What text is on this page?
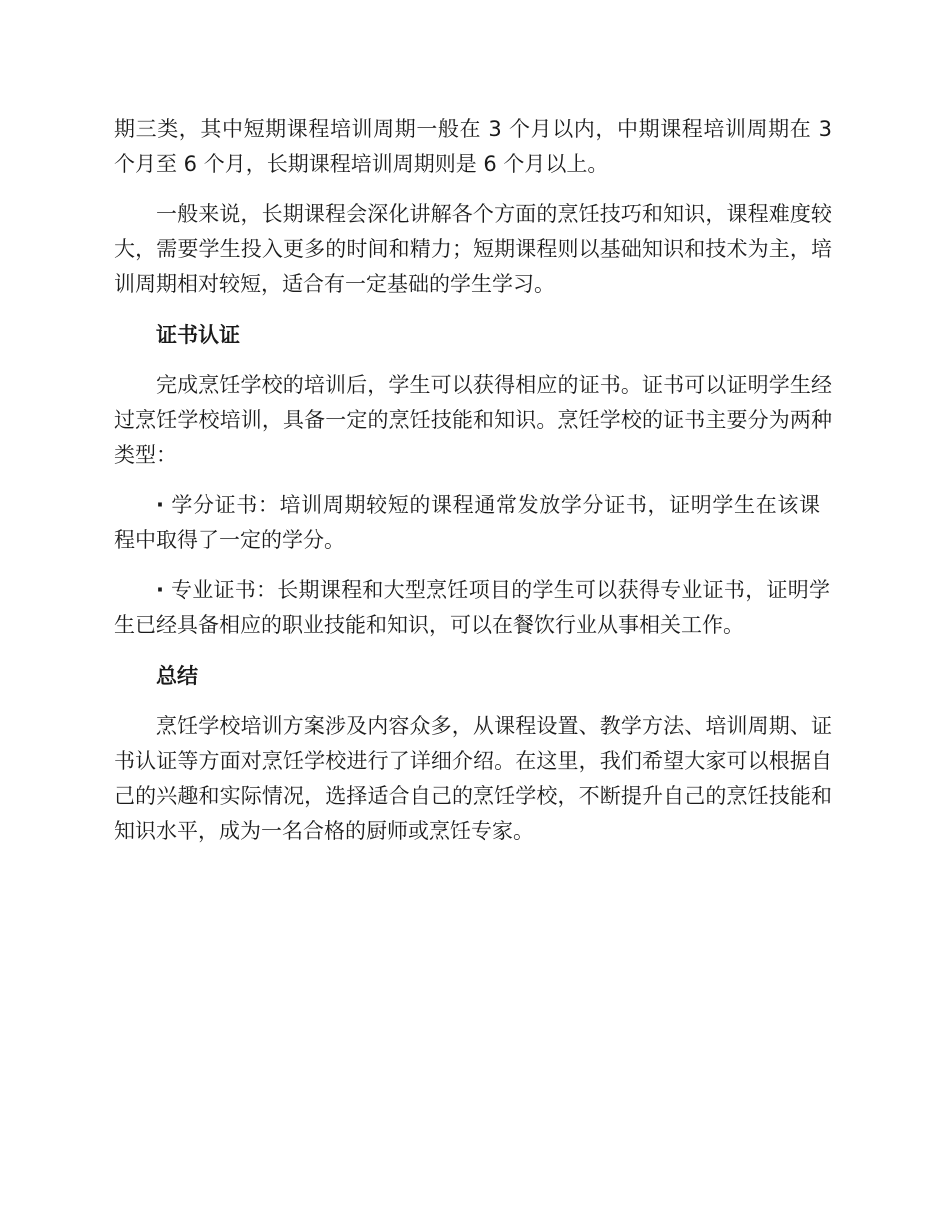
期三类，其中短期课程培训周期一般在 3 个月以内，中期课程培训周期在 3 个月至 6 个月，长期课程培训周期则是 6 个月以上。

一般来说，长期课程会深化讲解各个方面的烹饪技巧和知识，课程难度较大，需要学生投入更多的时间和精力；短期课程则以基础知识和技术为主，培训周期相对较短，适合有一定基础的学生学习。

证书认证

完成烹饪学校的培训后，学生可以获得相应的证书。证书可以证明学生经过烹饪学校培训，具备一定的烹饪技能和知识。烹饪学校的证书主要分为两种类型：

· 学分证书：培训周期较短的课程通常发放学分证书，证明学生在该课程中取得了一定的学分。

· 专业证书：长期课程和大型烹饪项目的学生可以获得专业证书，证明学生已经具备相应的职业技能和知识，可以在餐饮行业从事相关工作。

总结

烹饪学校培训方案涉及内容众多，从课程设置、教学方法、培训周期、证书认证等方面对烹饪学校进行了详细介绍。在这里，我们希望大家可以根据自己的兴趣和实际情况，选择适合自己的烹饪学校，不断提升自己的烹饪技能和知识水平，成为一名合格的厨师或烹饪专家。
